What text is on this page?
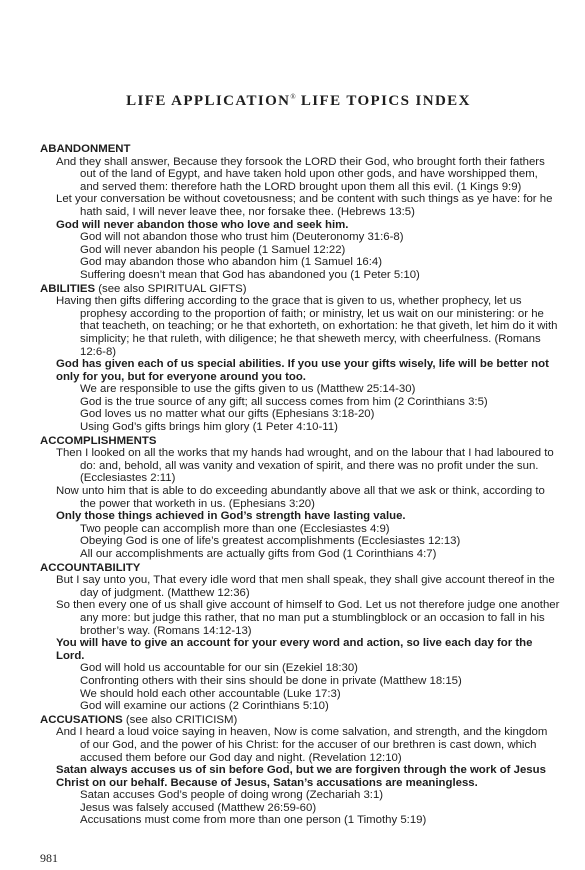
LIFE APPLICATION® LIFE TOPICS INDEX
ABANDONMENT
And they shall answer, Because they forsook the LORD their God, who brought forth their fathers out of the land of Egypt, and have taken hold upon other gods, and have worshipped them, and served them: therefore hath the LORD brought upon them all this evil. (1 Kings 9:9)
Let your conversation be without covetousness; and be content with such things as ye have: for he hath said, I will never leave thee, nor forsake thee. (Hebrews 13:5)
God will never abandon those who love and seek him.
God will not abandon those who trust him (Deuteronomy 31:6-8)
God will never abandon his people (1 Samuel 12:22)
God may abandon those who abandon him (1 Samuel 16:4)
Suffering doesn’t mean that God has abandoned you (1 Peter 5:10)
ABILITIES (see also SPIRITUAL GIFTS)
Having then gifts differing according to the grace that is given to us, whether prophecy, let us prophesy according to the proportion of faith; or ministry, let us wait on our ministering: or he that teacheth, on teaching; or he that exhorteth, on exhortation: he that giveth, let him do it with simplicity; he that ruleth, with diligence; he that sheweth mercy, with cheerfulness. (Romans 12:6-8)
God has given each of us special abilities. If you use your gifts wisely, life will be better not only for you, but for everyone around you too.
We are responsible to use the gifts given to us (Matthew 25:14-30)
God is the true source of any gift; all success comes from him (2 Corinthians 3:5)
God loves us no matter what our gifts (Ephesians 3:18-20)
Using God’s gifts brings him glory (1 Peter 4:10-11)
ACCOMPLISHMENTS
Then I looked on all the works that my hands had wrought, and on the labour that I had laboured to do: and, behold, all was vanity and vexation of spirit, and there was no profit under the sun. (Ecclesiastes 2:11)
Now unto him that is able to do exceeding abundantly above all that we ask or think, according to the power that worketh in us. (Ephesians 3:20)
Only those things achieved in God’s strength have lasting value.
Two people can accomplish more than one (Ecclesiastes 4:9)
Obeying God is one of life’s greatest accomplishments (Ecclesiastes 12:13)
All our accomplishments are actually gifts from God (1 Corinthians 4:7)
ACCOUNTABILITY
But I say unto you, That every idle word that men shall speak, they shall give account thereof in the day of judgment. (Matthew 12:36)
So then every one of us shall give account of himself to God. Let us not therefore judge one another any more: but judge this rather, that no man put a stumblingblock or an occasion to fall in his brother’s way. (Romans 14:12-13)
You will have to give an account for your every word and action, so live each day for the Lord.
God will hold us accountable for our sin (Ezekiel 18:30)
Confronting others with their sins should be done in private (Matthew 18:15)
We should hold each other accountable (Luke 17:3)
God will examine our actions (2 Corinthians 5:10)
ACCUSATIONS (see also CRITICISM)
And I heard a loud voice saying in heaven, Now is come salvation, and strength, and the kingdom of our God, and the power of his Christ: for the accuser of our brethren is cast down, which accused them before our God day and night. (Revelation 12:10)
Satan always accuses us of sin before God, but we are forgiven through the work of Jesus Christ on our behalf. Because of Jesus, Satan’s accusations are meaningless.
Satan accuses God’s people of doing wrong (Zechariah 3:1)
Jesus was falsely accused (Matthew 26:59-60)
Accusations must come from more than one person (1 Timothy 5:19)
981
